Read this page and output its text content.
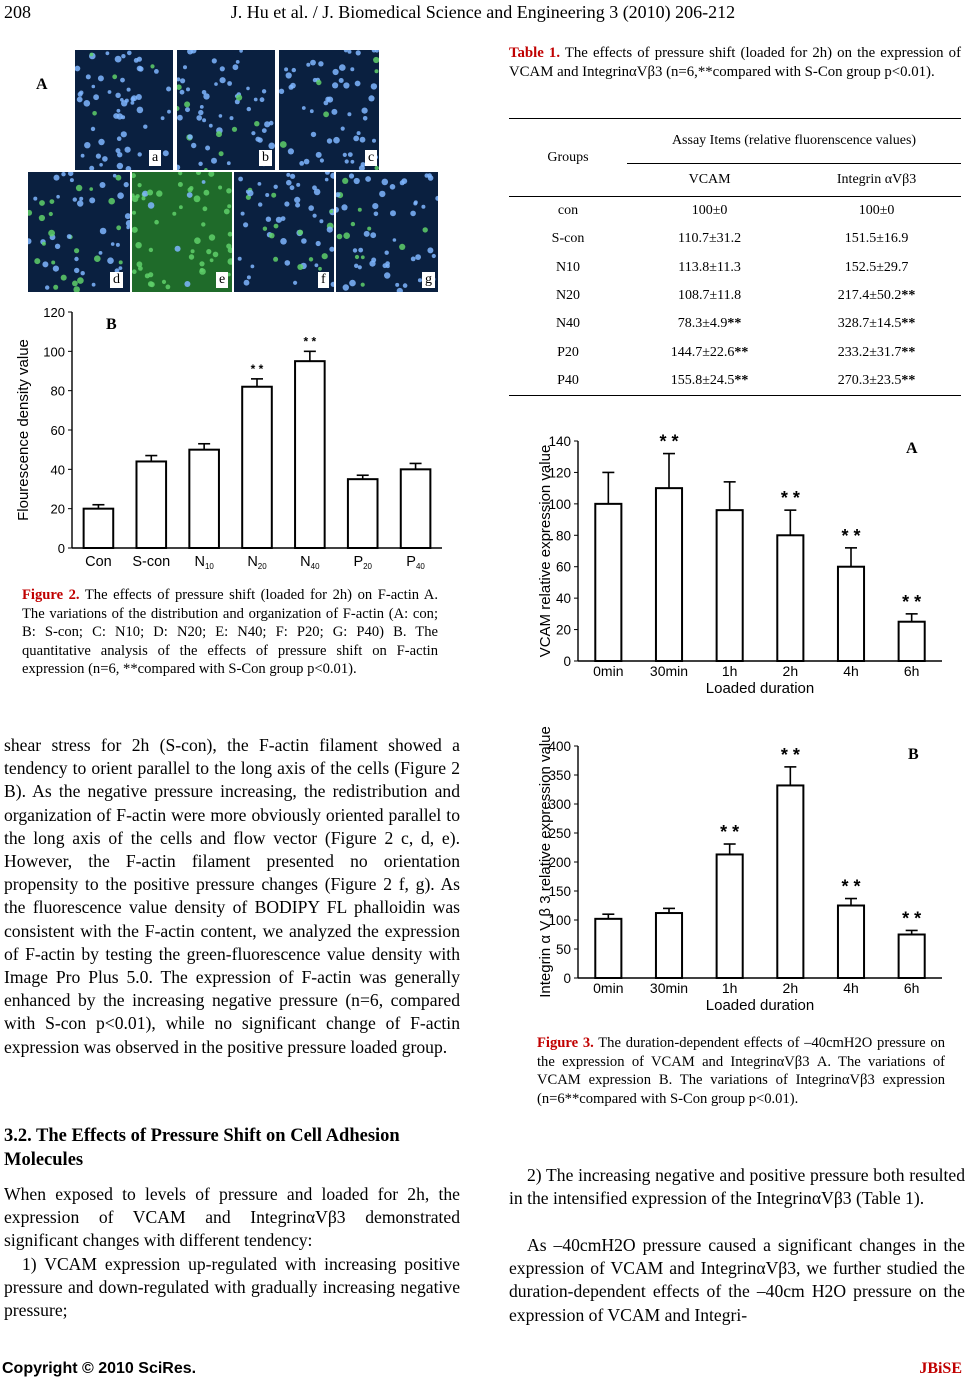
208	J. Hu et al. / J. Biomedical Science and Engineering 3 (2010) 206-212
A
a	b	c
d	e	f	g
0
20
40
60
80
100
120
Con S-con $N_{10}$
* *
$N_{20}$
* *
$N_{40}$ $P_{20}$ $P_{40}$
Flourescence density value
B
Figure 2. The effects of pressure shift (loaded for 2h) on F-actin A. The variations of the distribution and organization of F-actin (A: con; B: S-con; C: N10; D: N20; E: N40; F: P20; G: P40) B. The quantitative analysis of the effects of pressure shift on F-actin expression (n=6, **compared with S-Con group p<0.01).
shear stress for 2h (S-con), the F-actin filament showed a tendency to orient parallel to the long axis of the cells (Figure 2 B). As the negative pressure increasing, the redistribution and organization of F-actin were more obviously oriented parallel to the long axis of the cells and flow vector (Figure 2 c, d, e). However, the F-actin filament presented no orientation propensity to the positive pressure changes (Figure 2 f, g). As the fluorescence value density of BODIPY FL phalloidin was consistent with the F-actin content, we analyzed the expression of F-actin by testing the green-fluorescence value density with Image Pro Plus 5.0. The expression of F-actin was generally enhanced by the increasing negative pressure (n=6, compared with S-con p<0.01), while no significant change of F-actin expression was observed in the positive pressure loaded group.
3.2. The Effects of Pressure Shift on Cell Adhesion Molecules
When exposed to levels of pressure and loaded for 2h, the expression of VCAM and IntegrinαVβ3 demonstrated significant changes with different tendency:
1) VCAM expression up-regulated with increasing positive pressure and down-regulated with gradually increasing negative pressure;
Table 1. The effects of pressure shift (loaded for 2h) on the expression of VCAM and IntegrinαVβ3 (n=6,**compared with S-Con group p<0.01).
Groups	Assay Items (relative fluorenscence values)	
	VCAM	Integrin αVβ3
con	100±0	100±0
S-con	110.7±31.2	151.5±16.9
N10	113.8±11.3	152.5±29.7
N20	108.7±11.8	217.4±50.2**
N40	78.3±4.9**	328.7±14.5**
P20	144.7±22.6**	233.2±31.7**
P40	155.8±24.5**	270.3±23.5**
0
20
40
60
80
100
120
140
0min
* *
30min 1h
* *
2h
* *
4h
* *
6h
VCAM relative expression value
Loaded duration
A
0
50
100
150
200
250
300
350
400
0min 30min
* *
1h
* *
2h
* *
4h
* *
6h
Integrin α V β 3 relative expression value
Loaded duration
B
Figure 3. The duration-dependent effects of –40cmH2O pressure on the expression of VCAM and IntegrinαVβ3 A. The variations of VCAM expression B. The variations of IntegrinαVβ3 expression (n=6**compared with S-Con group p<0.01).
2) The increasing negative and positive pressure both resulted in the intensified expression of the IntegrinαVβ3 (Table 1).
As –40cmH2O pressure caused a significant changes in the expression of VCAM and IntegrinαVβ3, we further studied the duration-dependent effects of the –40cm H2O pressure on the expression of VCAM and Integri-
Copyright © 2010 SciRes.	JBiSE
